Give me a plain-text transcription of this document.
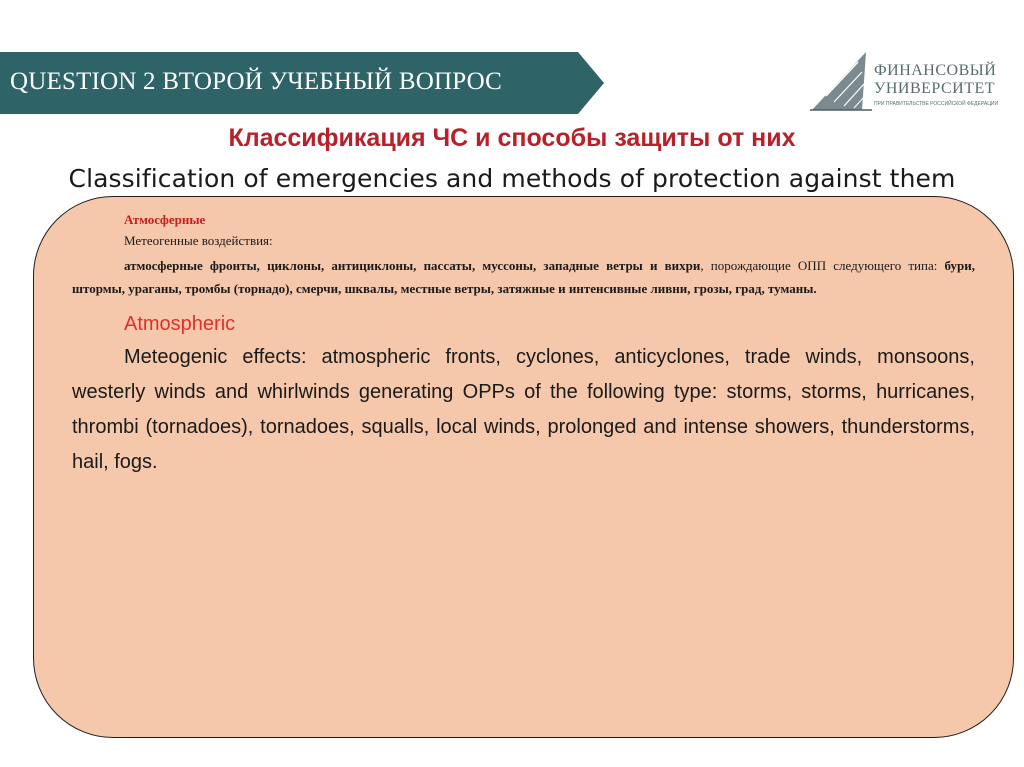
QUESTION 2 ВТОРОЙ УЧЕБНЫЙ ВОПРОС	ФИНАНСОВЫЙ
УНИВЕРСИТЕТ
ПРИ ПРАВИТЕЛЬСТВЕ РОССИЙСКОЙ ФЕДЕРАЦИИ
Классификация ЧС и способы защиты от них
Classification of emergencies and methods of protection against them
Атмосферные
Метеогенные воздействия:

атмосферные фронты, циклоны, антициклоны, пассаты, муссоны, западные ветры и вихри, порождающие ОПП следующего типа: бури, штормы, ураганы, тромбы (торнадо), смерчи, шквалы, местные ветры, затяжные и интенсивные ливни, грозы, град, туманы.

Atmospheric

Meteogenic effects: atmospheric fronts, cyclones, anticyclones, trade winds, monsoons, westerly winds and whirlwinds generating OPPs of the following type: storms, storms, hurricanes, thrombi (tornadoes), tornadoes, squalls, local winds, prolonged and intense showers, thunderstorms, hail, fogs.
